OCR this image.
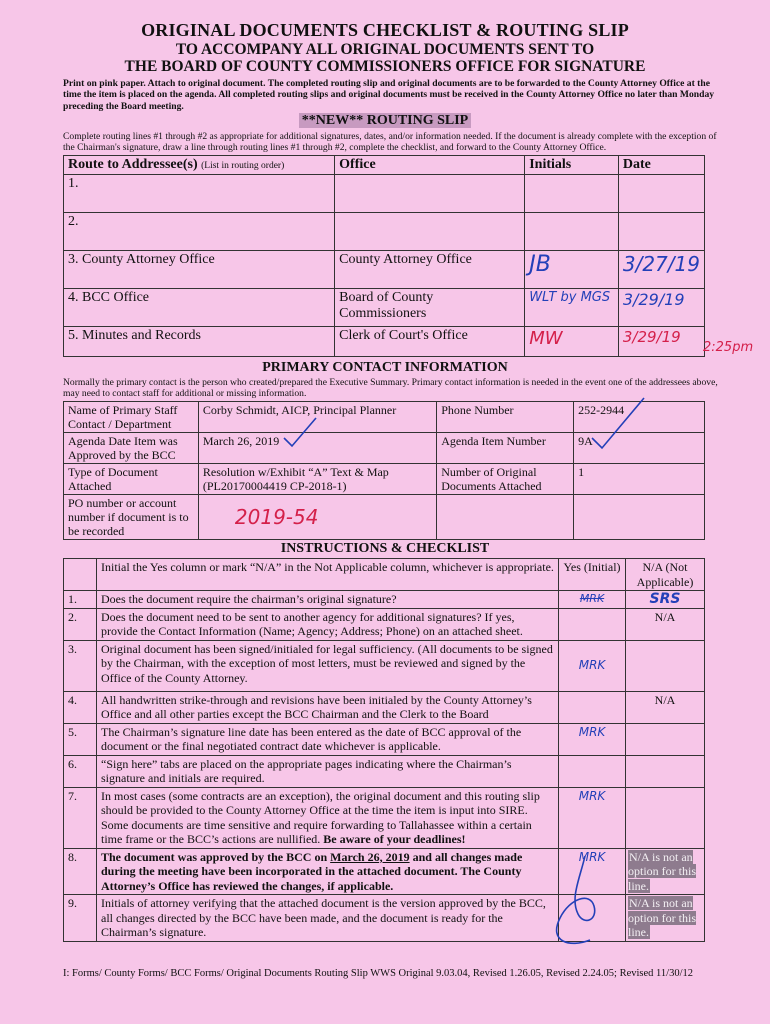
ORIGINAL DOCUMENTS CHECKLIST & ROUTING SLIP
TO ACCOMPANY ALL ORIGINAL DOCUMENTS SENT TO
THE BOARD OF COUNTY COMMISSIONERS OFFICE FOR SIGNATURE
Print on pink paper. Attach to original document. The completed routing slip and original documents are to be forwarded to the County Attorney Office at the time the item is placed on the agenda. All completed routing slips and original documents must be received in the County Attorney Office no later than Monday preceding the Board meeting.
**NEW** ROUTING SLIP
Complete routing lines #1 through #2 as appropriate for additional signatures, dates, and/or information needed. If the document is already complete with the exception of the Chairman's signature, draw a line through routing lines #1 through #2, complete the checklist, and forward to the County Attorney Office.
Route to Addressee(s) (List in routing order)	Office	Initials	Date
1.			
2.			
3. County Attorney Office	County Attorney Office	JB	3/27/19
4. BCC Office	Board of County Commissioners	WLT by MGS	3/29/19
5. Minutes and Records	Clerk of Court's Office	MW	3/29/19
2:25pm
PRIMARY CONTACT INFORMATION
Normally the primary contact is the person who created/prepared the Executive Summary. Primary contact information is needed in the event one of the addressees above, may need to contact staff for additional or missing information.
Name of Primary Staff Contact / Department	Corby Schmidt, AICP, Principal Planner	Phone Number	252-2944
Agenda Date Item was Approved by the BCC	March 26, 2019	Agenda Item Number	9A
Type of Document Attached	Resolution w/Exhibit “A” Text & Map (PL20170004419 CP-2018-1)	Number of Original Documents Attached	1
PO number or account number if document is to be recorded	2019-54		
INSTRUCTIONS & CHECKLIST
	Initial the Yes column or mark “N/A” in the Not Applicable column, whichever is appropriate.	Yes (Initial)	N/A (Not Applicable)
1.	Does the document require the chairman’s original signature?	MRK	SRS
2.	Does the document need to be sent to another agency for additional signatures? If yes, provide the Contact Information (Name; Agency; Address; Phone) on an attached sheet.		N/A
3.	Original document has been signed/initialed for legal sufficiency. (All documents to be signed by the Chairman, with the exception of most letters, must be reviewed and signed by the Office of the County Attorney.	MRK	
4.	All handwritten strike-through and revisions have been initialed by the County Attorney’s Office and all other parties except the BCC Chairman and the Clerk to the Board		N/A
5.	The Chairman’s signature line date has been entered as the date of BCC approval of the document or the final negotiated contract date whichever is applicable.	MRK	
6.	“Sign here” tabs are placed on the appropriate pages indicating where the Chairman’s signature and initials are required.		
7.	In most cases (some contracts are an exception), the original document and this routing slip should be provided to the County Attorney Office at the time the item is input into SIRE. Some documents are time sensitive and require forwarding to Tallahassee within a certain time frame or the BCC’s actions are nullified. Be aware of your deadlines!	MRK	
8.	The document was approved by the BCC on March 26, 2019 and all changes made during the meeting have been incorporated in the attached document. The County Attorney’s Office has reviewed the changes, if applicable.	MRK	N/A is not an option for this line.
9.	Initials of attorney verifying that the attached document is the version approved by the BCC, all changes directed by the BCC have been made, and the document is ready for the Chairman’s signature.		N/A is not an option for this line.
I: Forms/ County Forms/ BCC Forms/ Original Documents Routing Slip WWS Original 9.03.04, Revised 1.26.05, Revised 2.24.05; Revised 11/30/12
